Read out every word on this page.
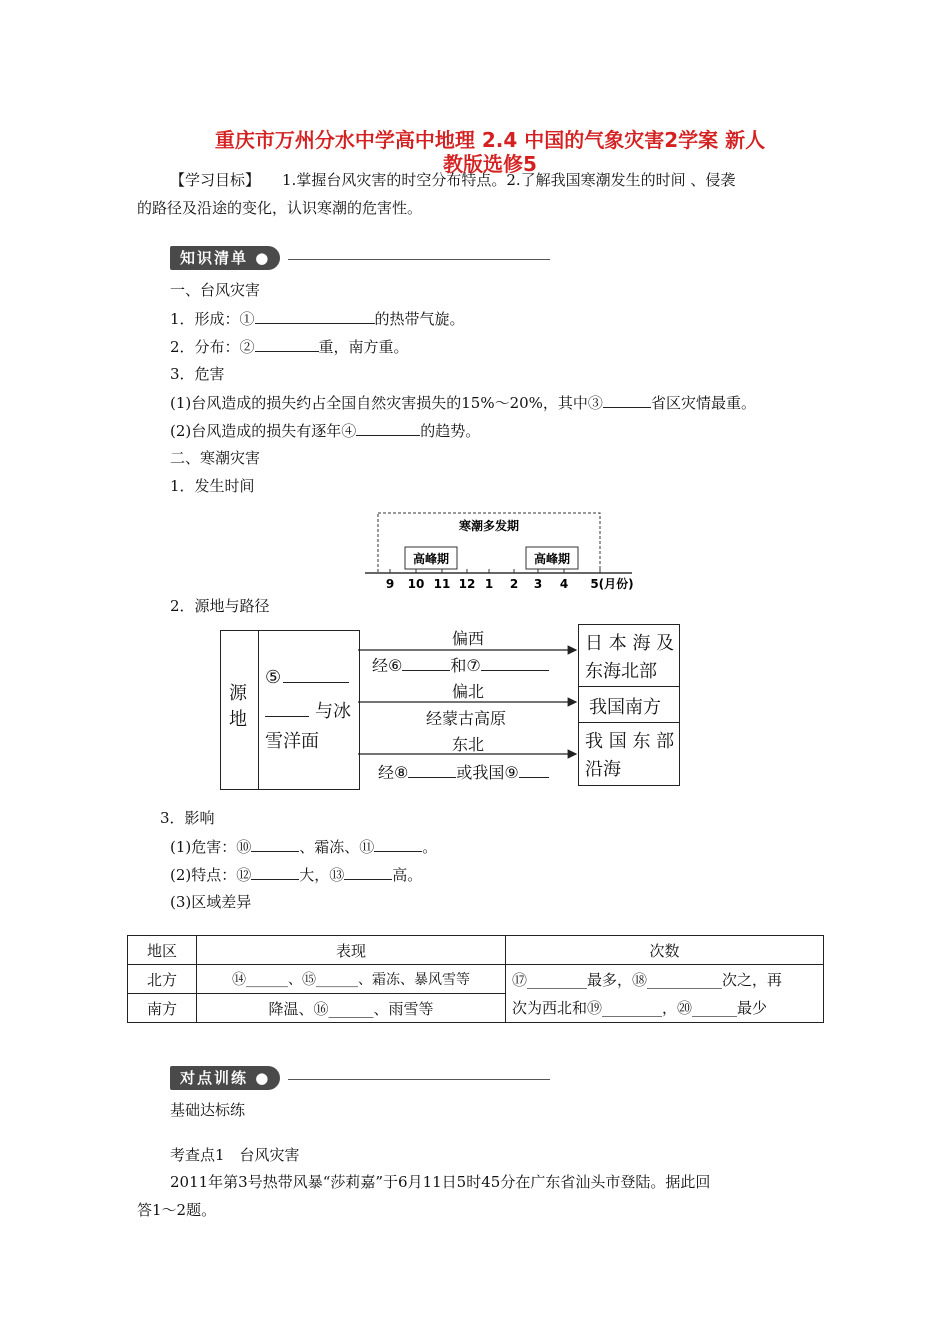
重庆市万州分水中学高中地理 2.4 中国的气象灾害2学案 新人
教版选修5
【学习目标】 1.掌握台风灾害的时空分布特点。2.了解我国寒潮发生的时间 、侵袭
的路径及沿途的变化，认识寒潮的危害性。
知识清单 ●
一、台风灾害
1．形成：①	的热带气旋。
2．分布：②	重，南方重。
3．危害
(1)台风造成的损失约占全国自然灾害损失的15%～20%，其中③	省区灾情最重。
(2)台风造成的损失有逐年④	的趋势。
二、寒潮灾害
1．发生时间
寒潮多发期
高峰期	高峰期
9 10 11 12 1 2 3 4 5(月份)
2．源地与路径
源地
⑤
与冰
雪洋面
偏西
经⑥	和⑦
偏北
经蒙古高原
东北
经⑧	或我国⑨
日 本 海 及
东海北部
我国南方
我 国 东 部
沿海
3．影响
(1)危害：⑩	、霜冻、⑪	。
(2)特点：⑫	大，⑬	高。
(3)区域差异
地区	表现	次数
北方	⑭______、⑮______、霜冻、暴风雪等	⑰________最多，⑱__________次之，再
次为西北和⑲________，⑳______最少

南方	降温、⑯______、雨雪等	
对点训练 ●
基础达标练
考查点1　台风灾害
2011年第3号热带风暴“莎莉嘉”于6月11日5时45分在广东省汕头市登陆。据此回
答1～2题。
